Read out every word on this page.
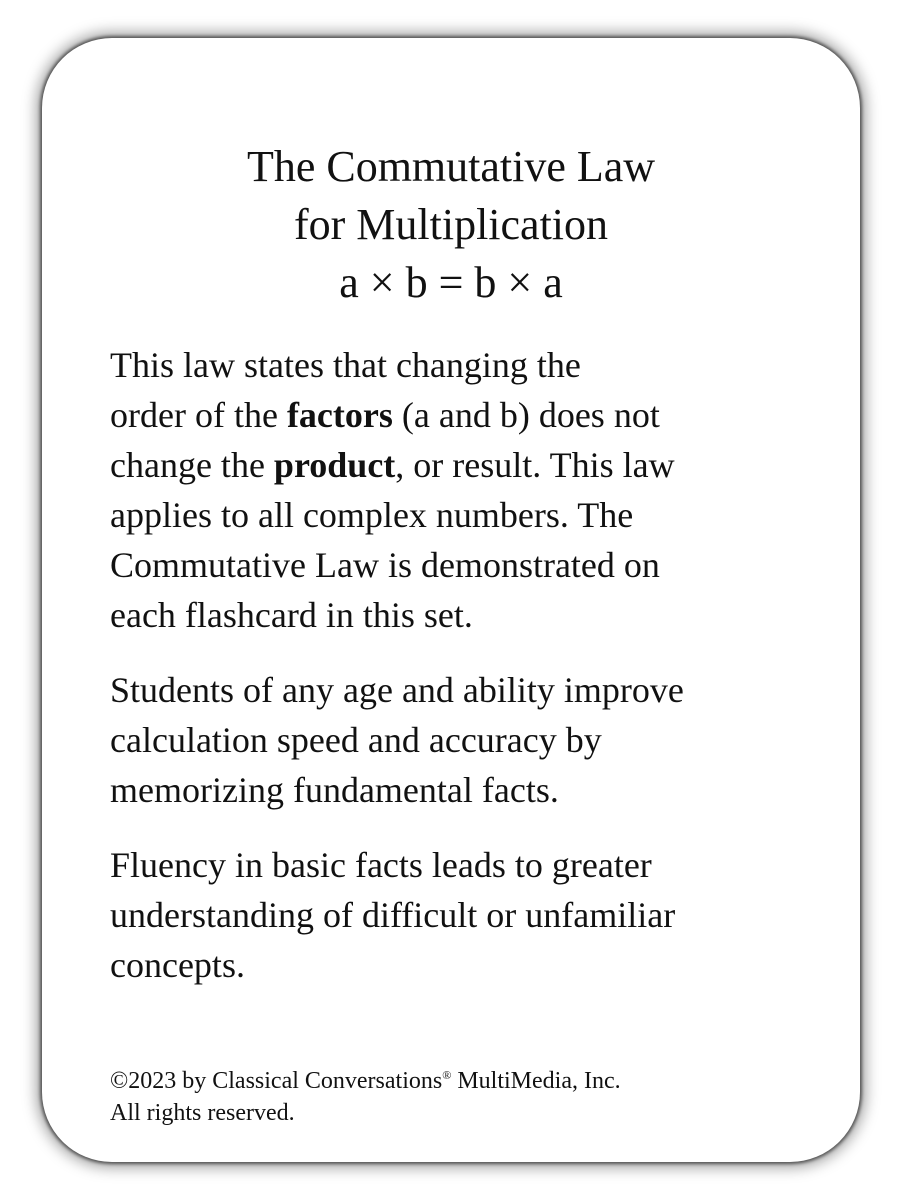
The Commutative Law
for Multiplication
a × b = b × a

This law states that changing the
order of the factors (a and b) does not
change the product, or result. This law
applies to all complex numbers. The
Commutative Law is demonstrated on
each flashcard in this set.

Students of any age and ability improve
calculation speed and accuracy by
memorizing fundamental facts.

Fluency in basic facts leads to greater
understanding of difficult or unfamiliar
concepts.

©2023 by Classical Conversations® MultiMedia, Inc.
All rights reserved.
